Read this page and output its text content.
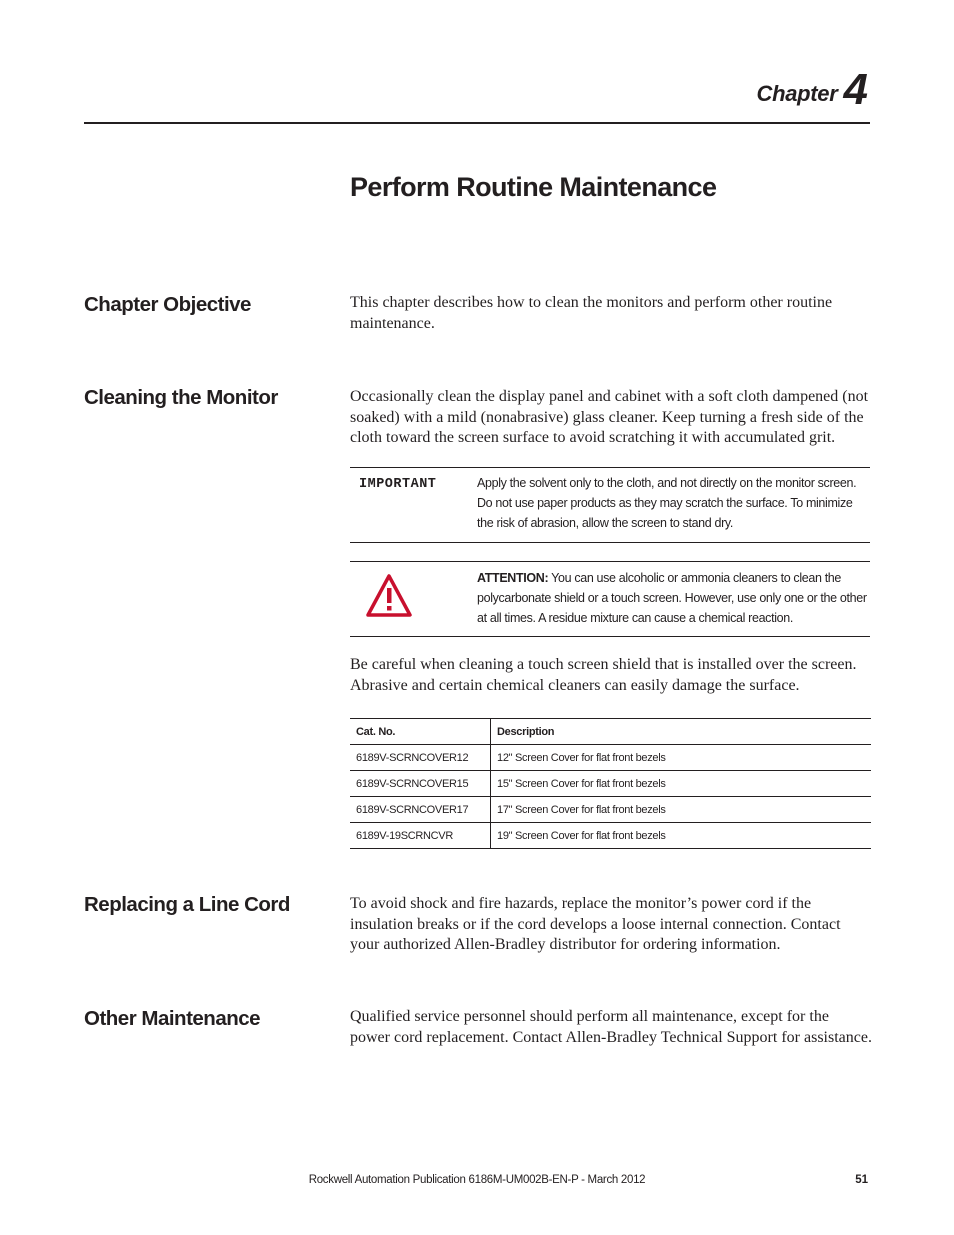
Chapter 4
Perform Routine Maintenance
Chapter Objective	This chapter describes how to clean the monitors and perform other routine maintenance.
Cleaning the Monitor	Occasionally clean the display panel and cabinet with a soft cloth dampened (not soaked) with a mild (nonabrasive) glass cleaner. Keep turning a fresh side of the cloth toward the screen surface to avoid scratching it with accumulated grit.
IMPORTANT	Apply the solvent only to the cloth, and not directly on the monitor screen. Do not use paper products as they may scratch the surface. To minimize the risk of abrasion, allow the screen to stand dry.
ATTENTION: You can use alcoholic or ammonia cleaners to clean the polycarbonate shield or a touch screen. However, use only one or the other at all times. A residue mixture can cause a chemical reaction.
Be careful when cleaning a touch screen shield that is installed over the screen. Abrasive and certain chemical cleaners can easily damage the surface.
Cat. No.	Description
6189V-SCRNCOVER12	12" Screen Cover for flat front bezels
6189V-SCRNCOVER15	15" Screen Cover for flat front bezels
6189V-SCRNCOVER17	17" Screen Cover for flat front bezels
6189V-19SCRNCVR	19" Screen Cover for flat front bezels
Replacing a Line Cord	To avoid shock and fire hazards, replace the monitor’s power cord if the insulation breaks or if the cord develops a loose internal connection. Contact your authorized Allen-Bradley distributor for ordering information.
Other Maintenance	Qualified service personnel should perform all maintenance, except for the power cord replacement. Contact Allen-Bradley Technical Support for assistance.
Rockwell Automation Publication 6186M-UM002B-EN-P - March 2012	51
